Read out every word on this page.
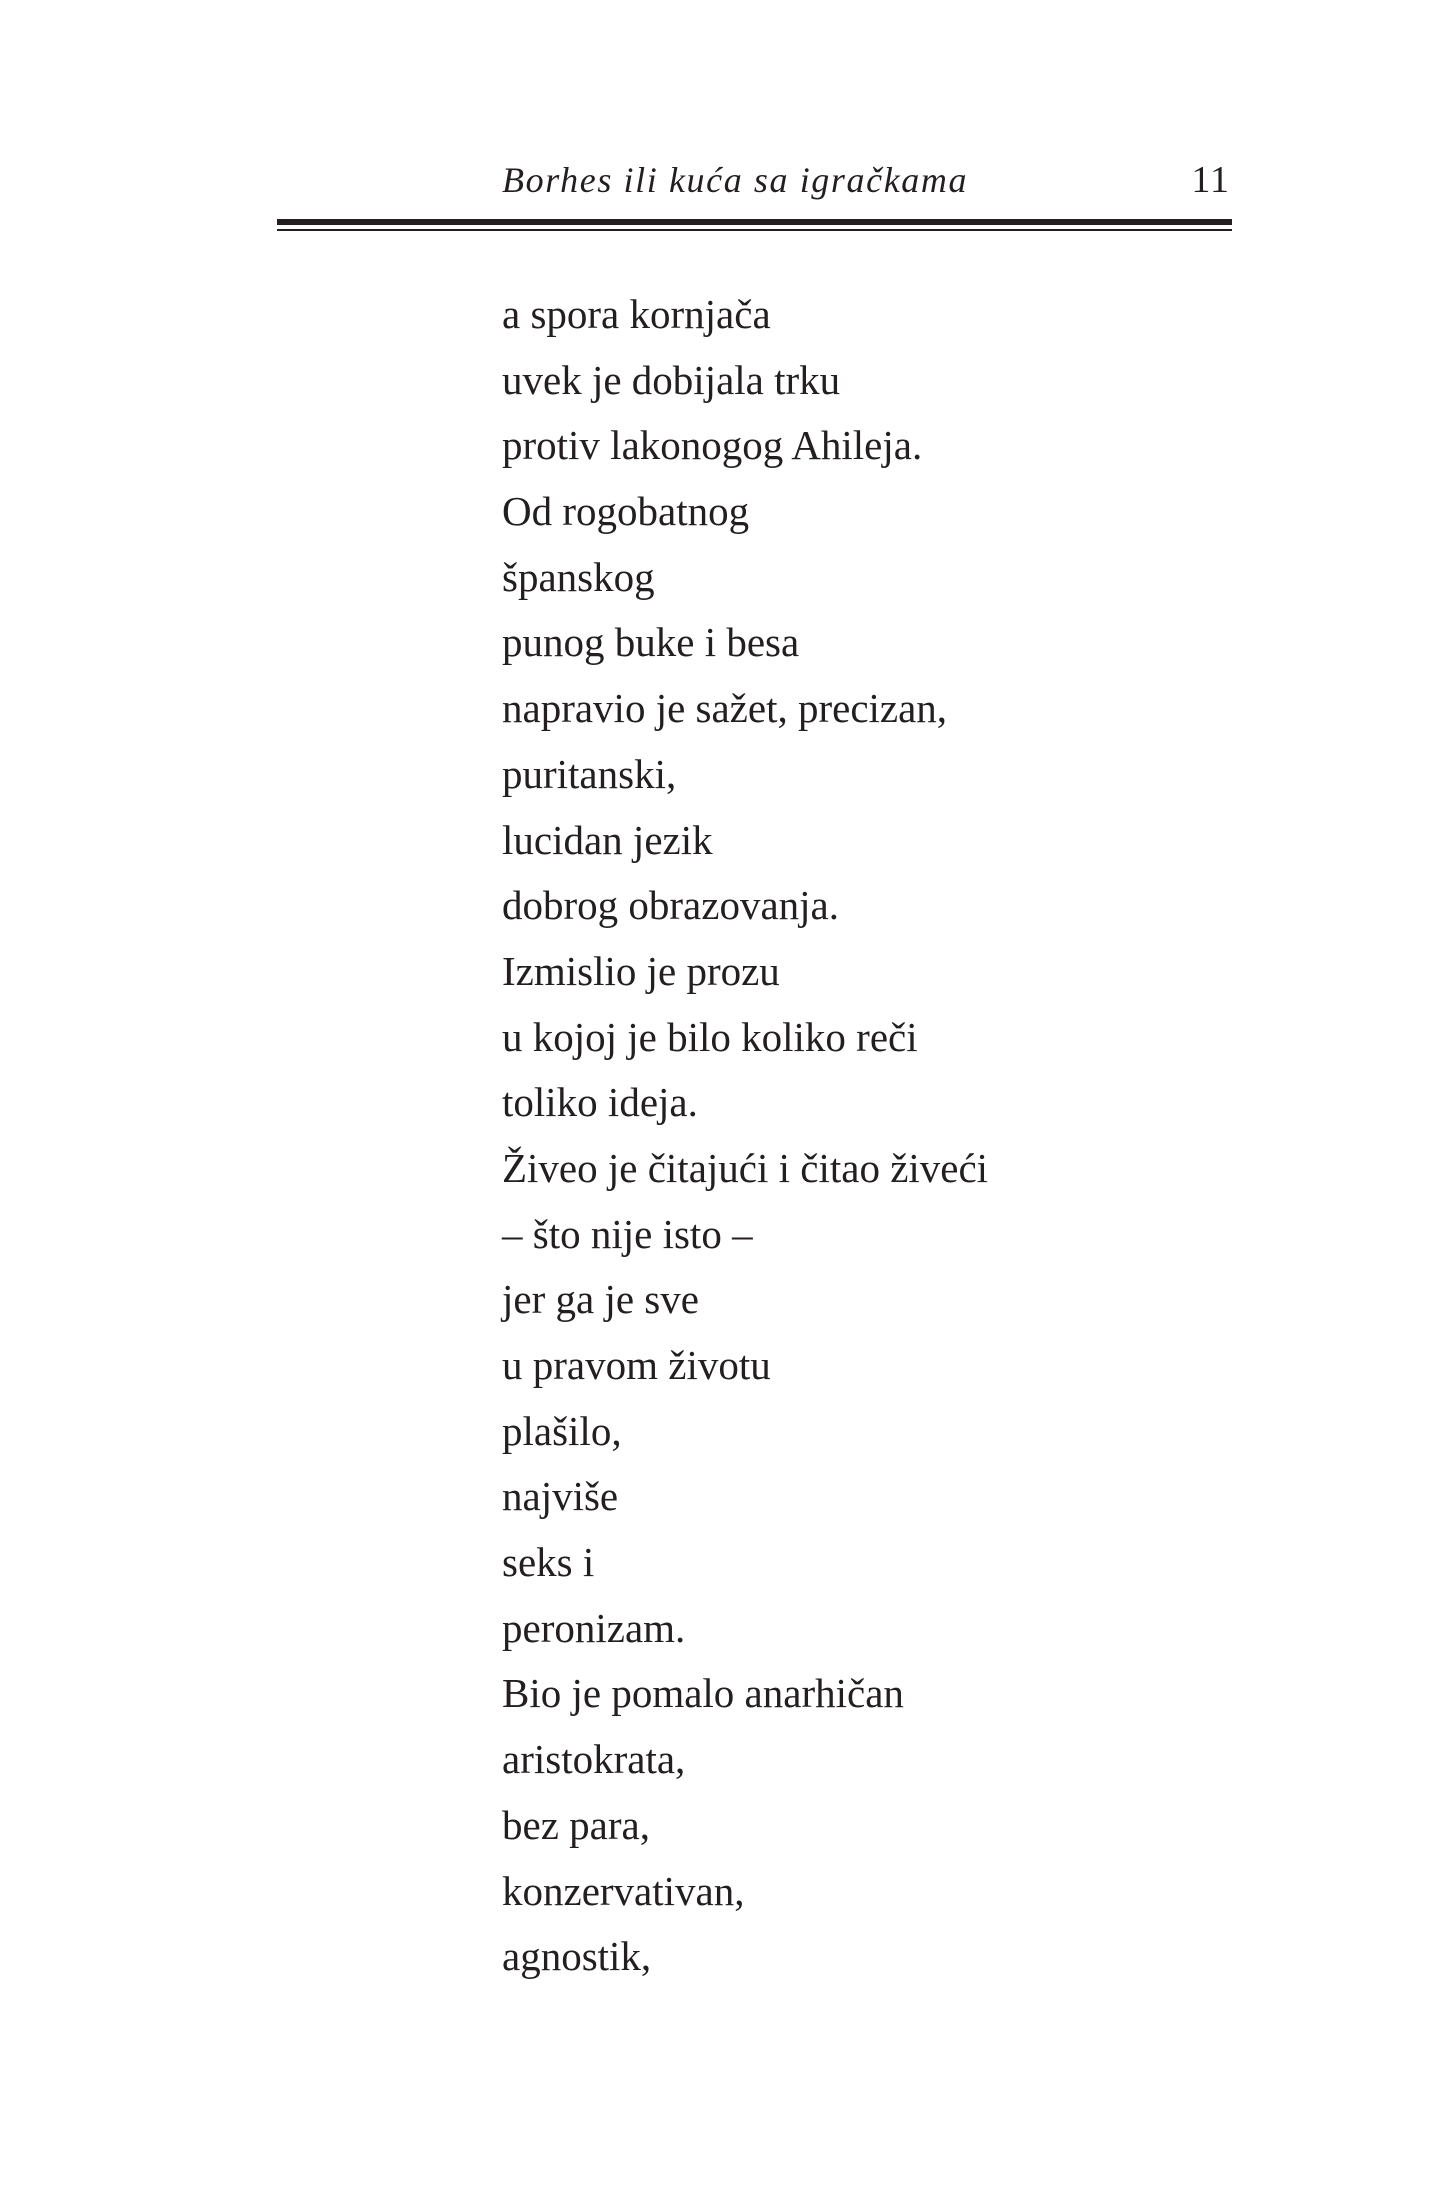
Borhes ili kuća sa igračkama	11
a spora kornjača
uvek je dobijala trku
protiv lakonogog Ahileja.
Od rogobatnog
španskog
punog buke i besa
napravio je sažet, precizan,
puritanski,
lucidan jezik
dobrog obrazovanja.
Izmislio je prozu
u kojoj je bilo koliko reči
toliko ideja.
Živeo je čitajući i čitao živeći
– što nije isto –
jer ga je sve
u pravom životu
plašilo,
najviše
seks i
peronizam.
Bio je pomalo anarhičan
aristokrata,
bez para,
konzervativan,
agnostik,
